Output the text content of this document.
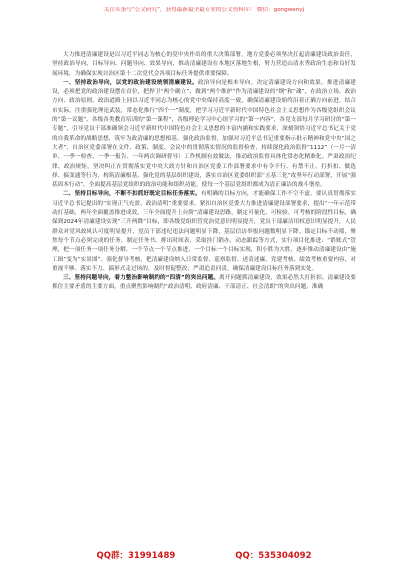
关注头条号“公文研究”，获得最新最全最专业的公文资料库！ 微信：gongwenyj

大力推进清廉建设是以习近平同志为核心的党中央作出的重大决策部署，地方党委必须坚决扛起清廉建设政治责任，坚持政治导向、目标导向、问题导向、效果导向，推动清廉建设在本地区落地生根，努力营造山清水秀政治生态和良好发展环境，为确保实现自治区第十二次党代会各项目标任务提供重要保障。

一、坚持政治导向，以党的政治建设统领清廉建设。政治导向是根本导向。决定清廉建设方向和效果。推进清廉建设，必须把党的政治建设摆在首位，把捍卫“两个确立”、做到“两个维护”作为清廉建设的“纲”和“魂”，在政治立场、政治方向、政治原则、政治道路上同以习近平同志为核心的党中央保持高度一致，确保清廉建设始终沿着正确方向前进。结合市实际，注重强化理论武装，常态化推行“四个一”制度，把学习习近平新时代中国特色社会主义思想作为各级党组织会议的“第一议题”，各级各类教育培训的“第一课程”，各级理论学习中心组学习的“第一内容”，各党支部每月学习研讨的“第一专题”，引导党员干部准确领会习近平新时代中国特色社会主义思想的丰富内涵和实践要求，深刻领悟习近平总书记关于党的自我革命的战略思想，筑牢为政清廉的思想根基。强化政治监督，加强对习近平总书记重要指示批示精神和党中央“国之大者”，自治区党委部署在文件、政策、制度、会议中的贯彻落实情况的监督检查，持续深化政治监督“1112”（一月一清单、一季一检查、一季一报告、一年两次调研督导）工作机制有效做法，推动政治监督具体化常态化精准化。严肃政治纪律、政治规矩，坚决纠正在贯彻落实党中央大政方针和自治区党委工作部署要求中有令不行、有禁不止，打折扣、做选择、搞变通等行为，构筑清廉根基。强化党的基层组织建设，落实自治区党委组织部“五基三化”攻坚年行动部署，开展“强基固本行动”，全面提高基层党组织的政治功能和组织功能，使每一个基层党组织都成为清正廉洁的战斗堡垒。

二、坚持目标导向，不断不扣抓好既定目标任务落实。有明确的目标方向，才能确保工作不空不虚。要认真贯彻落实习近平总书记提出的“实现正气充盈、政治清明”重要要求，紧扣自治区党委大力推进清廉建设部署要求，提出“一年示范带动打基础，两年全面覆盖推进成效，三年全面提升上台阶”清廉建设思路，制定可量化、可检验、可考核的阶段性目标，确保到2024年清廉建设实现“三升两降”目标，即各级党组织管党治党意识明显提升，党员干部廉洁用权意识明显提升，人民群众对党风政风认可度明显提升，党员干部违纪违法问题明显下降，基层信访举报问题数明显下降。锚定目标不动摇，聚焦每个节点必须完成的任务，制定任务书、排出时间表，采取挂门销办，动态跟踪等方式，实行项目化推进、“销账式”管理，把一项任务一项任务分解，一个节点一个节点推进，一个目标一个目标实现，积小胜为大胜，逐步推动清廉建设由“施工图”变为“实景图”。强化督导考核，把清廉建设纳入日常监督、巡察监督、述责述廉、党建考核、绩效考核重要内容，对重视不够、落实不力、搞形式走过场的，及时督促整改；严肃追责问责，确保清廉建设目标任务落到实处。

三、坚持问题导向，着力整治影响制约的“四清”的突出问题。离开问题抓清廉建设，效果必然大打折扣。清廉建设要抓住主要矛盾的主要方面，重点聚焦影响制约“政治清明、政府清廉、干部清正、社会清朗”的突出问题，准确

QQ群：31991489	QQ：535304092
